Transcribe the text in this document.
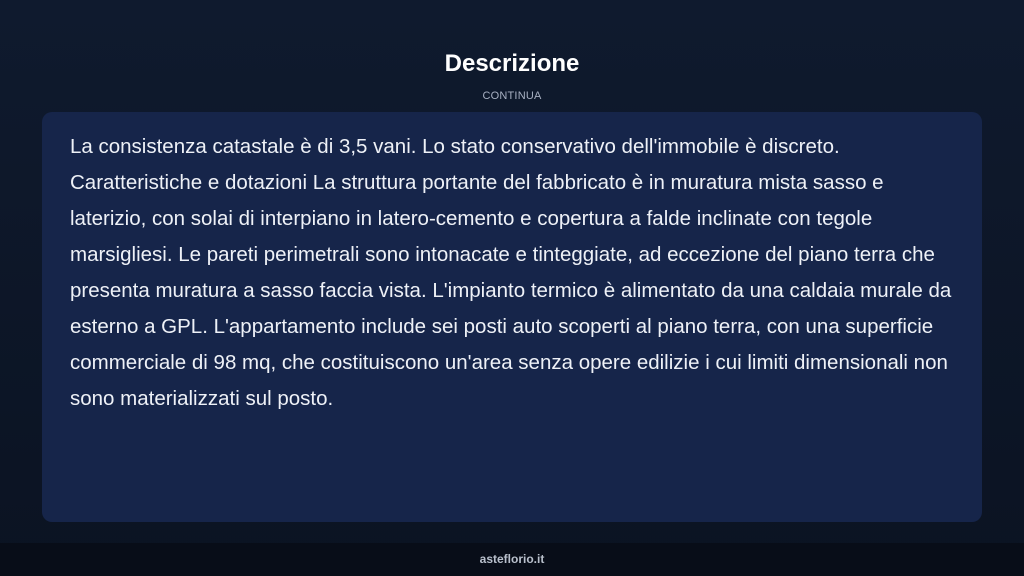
Descrizione
CONTINUA

La consistenza catastale è di 3,5 vani. Lo stato conservativo dell'immobile è discreto. Caratteristiche e dotazioni La struttura portante del fabbricato è in muratura mista sasso e laterizio, con solai di interpiano in latero-cemento e copertura a falde inclinate con tegole marsigliesi. Le pareti perimetrali sono intonacate e tinteggiate, ad eccezione del piano terra che presenta muratura a sasso faccia vista. L'impianto termico è alimentato da una caldaia murale da esterno a GPL. L'appartamento include sei posti auto scoperti al piano terra, con una superficie commerciale di 98 mq, che costituiscono un'area senza opere edilizie i cui limiti dimensionali non sono materializzati sul posto.

asteflorio.it
